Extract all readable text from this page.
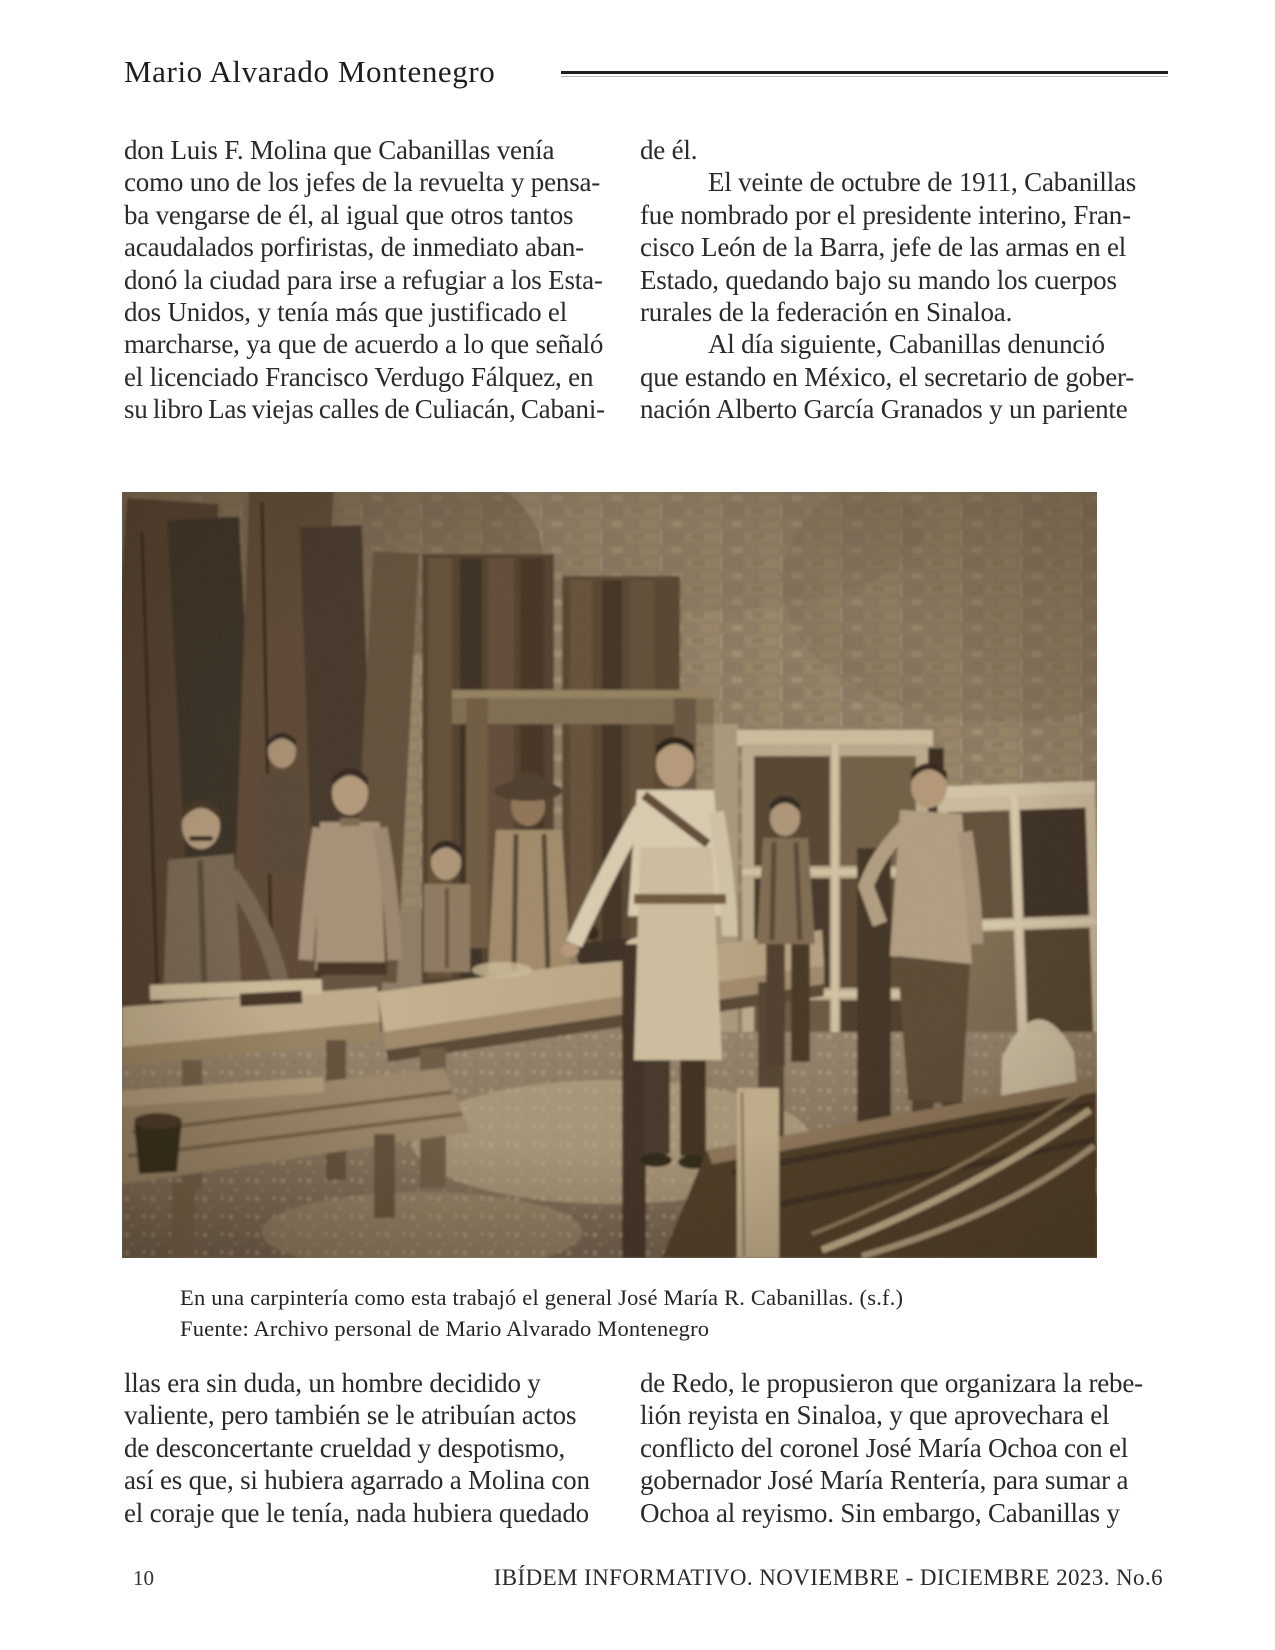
Mario Alvarado Montenegro
don Luis F. Molina que Cabanillas venía
como uno de los jefes de la revuelta y pensa-
ba vengarse de él, al igual que otros tantos
acaudalados porfiristas, de inmediato aban-
donó la ciudad para irse a refugiar a los Esta-
dos Unidos, y tenía más que justificado el
marcharse, ya que de acuerdo a lo que señaló
el licenciado Francisco Verdugo Fálquez, en
su libro Las viejas calles de Culiacán, Cabani-
de él.
El veinte de octubre de 1911, Cabanillas
fue nombrado por el presidente interino, Fran-
cisco León de la Barra, jefe de las armas en el
Estado, quedando bajo su mando los cuerpos
rurales de la federación en Sinaloa.
Al día siguiente, Cabanillas denunció
que estando en México, el secretario de gober-
nación Alberto García Granados y un pariente
En una carpintería como esta trabajó el general José María R. Cabanillas. (s.f.)
Fuente: Archivo personal de Mario Alvarado Montenegro
llas era sin duda, un hombre decidido y
valiente, pero también se le atribuían actos
de desconcertante crueldad y despotismo,
así es que, si hubiera agarrado a Molina con
el coraje que le tenía, nada hubiera quedado
de Redo, le propusieron que organizara la rebe-
lión reyista en Sinaloa, y que aprovechara el
conflicto del coronel José María Ochoa con el
gobernador José María Rentería, para sumar a
Ochoa al reyismo. Sin embargo, Cabanillas y
10	IBÍDEM INFORMATIVO. NOVIEMBRE - DICIEMBRE 2023. No.6
